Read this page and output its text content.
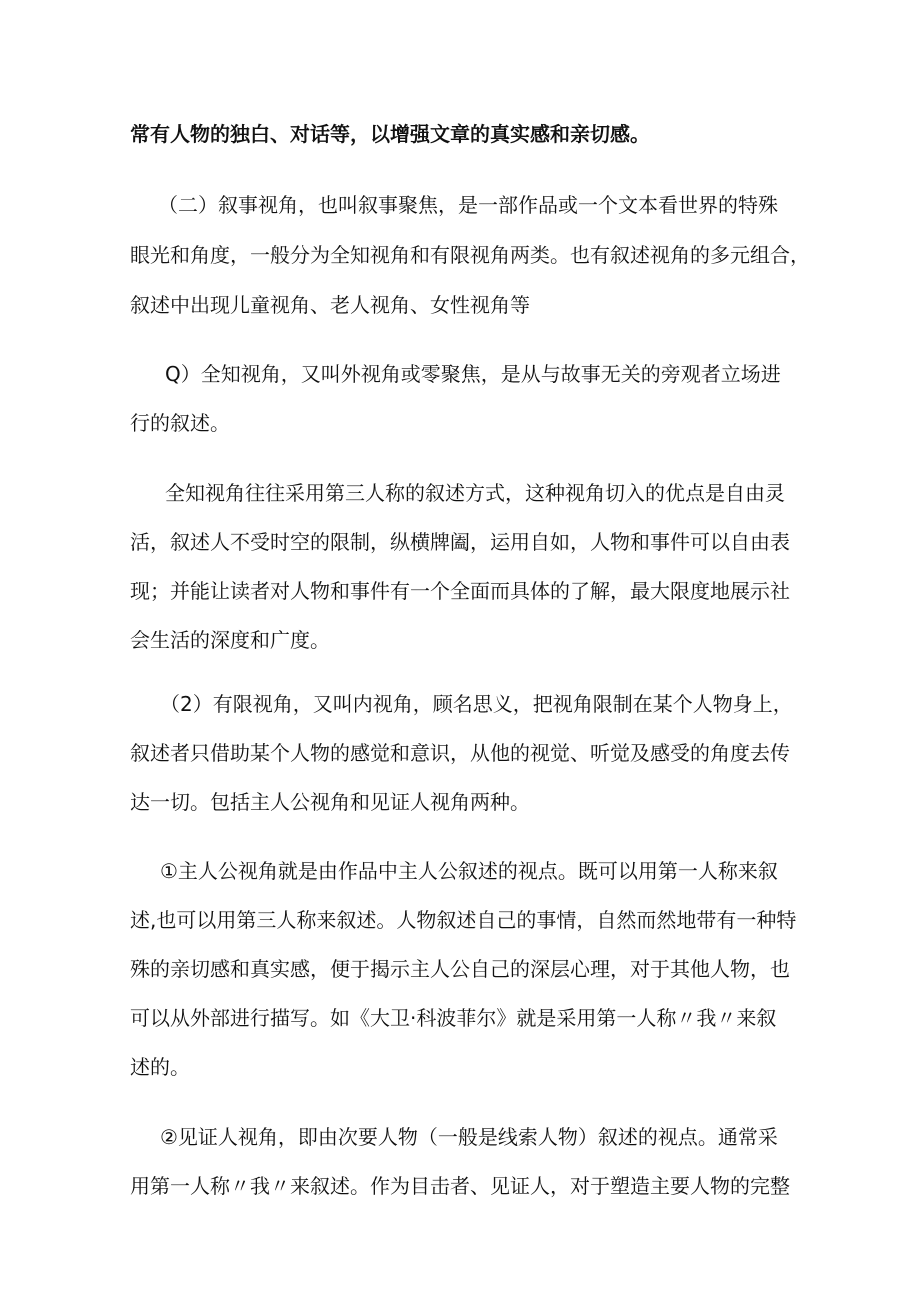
常有人物的独白、对话等，以增强文章的真实感和亲切感。
（二）叙事视角，也叫叙事聚焦，是一部作品或一个文本看世界的特殊
眼光和角度，一般分为全知视角和有限视角两类。也有叙述视角的多元组合，
叙述中出现儿童视角、老人视角、女性视角等
Q）全知视角，又叫外视角或零聚焦，是从与故事无关的旁观者立场进
行的叙述。
全知视角往往采用第三人称的叙述方式，这种视角切入的优点是自由灵
活，叙述人不受时空的限制，纵横牌阖，运用自如，人物和事件可以自由表
现；并能让读者对人物和事件有一个全面而具体的了解，最大限度地展示社
会生活的深度和广度。
（2）有限视角，又叫内视角，顾名思义，把视角限制在某个人物身上，
叙述者只借助某个人物的感觉和意识，从他的视觉、听觉及感受的角度去传
达一切。包括主人公视角和见证人视角两种。
①主人公视角就是由作品中主人公叙述的视点。既可以用第一人称来叙
述,也可以用第三人称来叙述。人物叙述自己的事情，自然而然地带有一种特
殊的亲切感和真实感，便于揭示主人公自己的深层心理，对于其他人物，也
可以从外部进行描写。如《大卫·科波菲尔》就是采用第一人称〃我〃来叙
述的。
②见证人视角，即由次要人物（一般是线索人物）叙述的视点。通常采
用第一人称〃我〃来叙述。作为目击者、见证人，对于塑造主要人物的完整
